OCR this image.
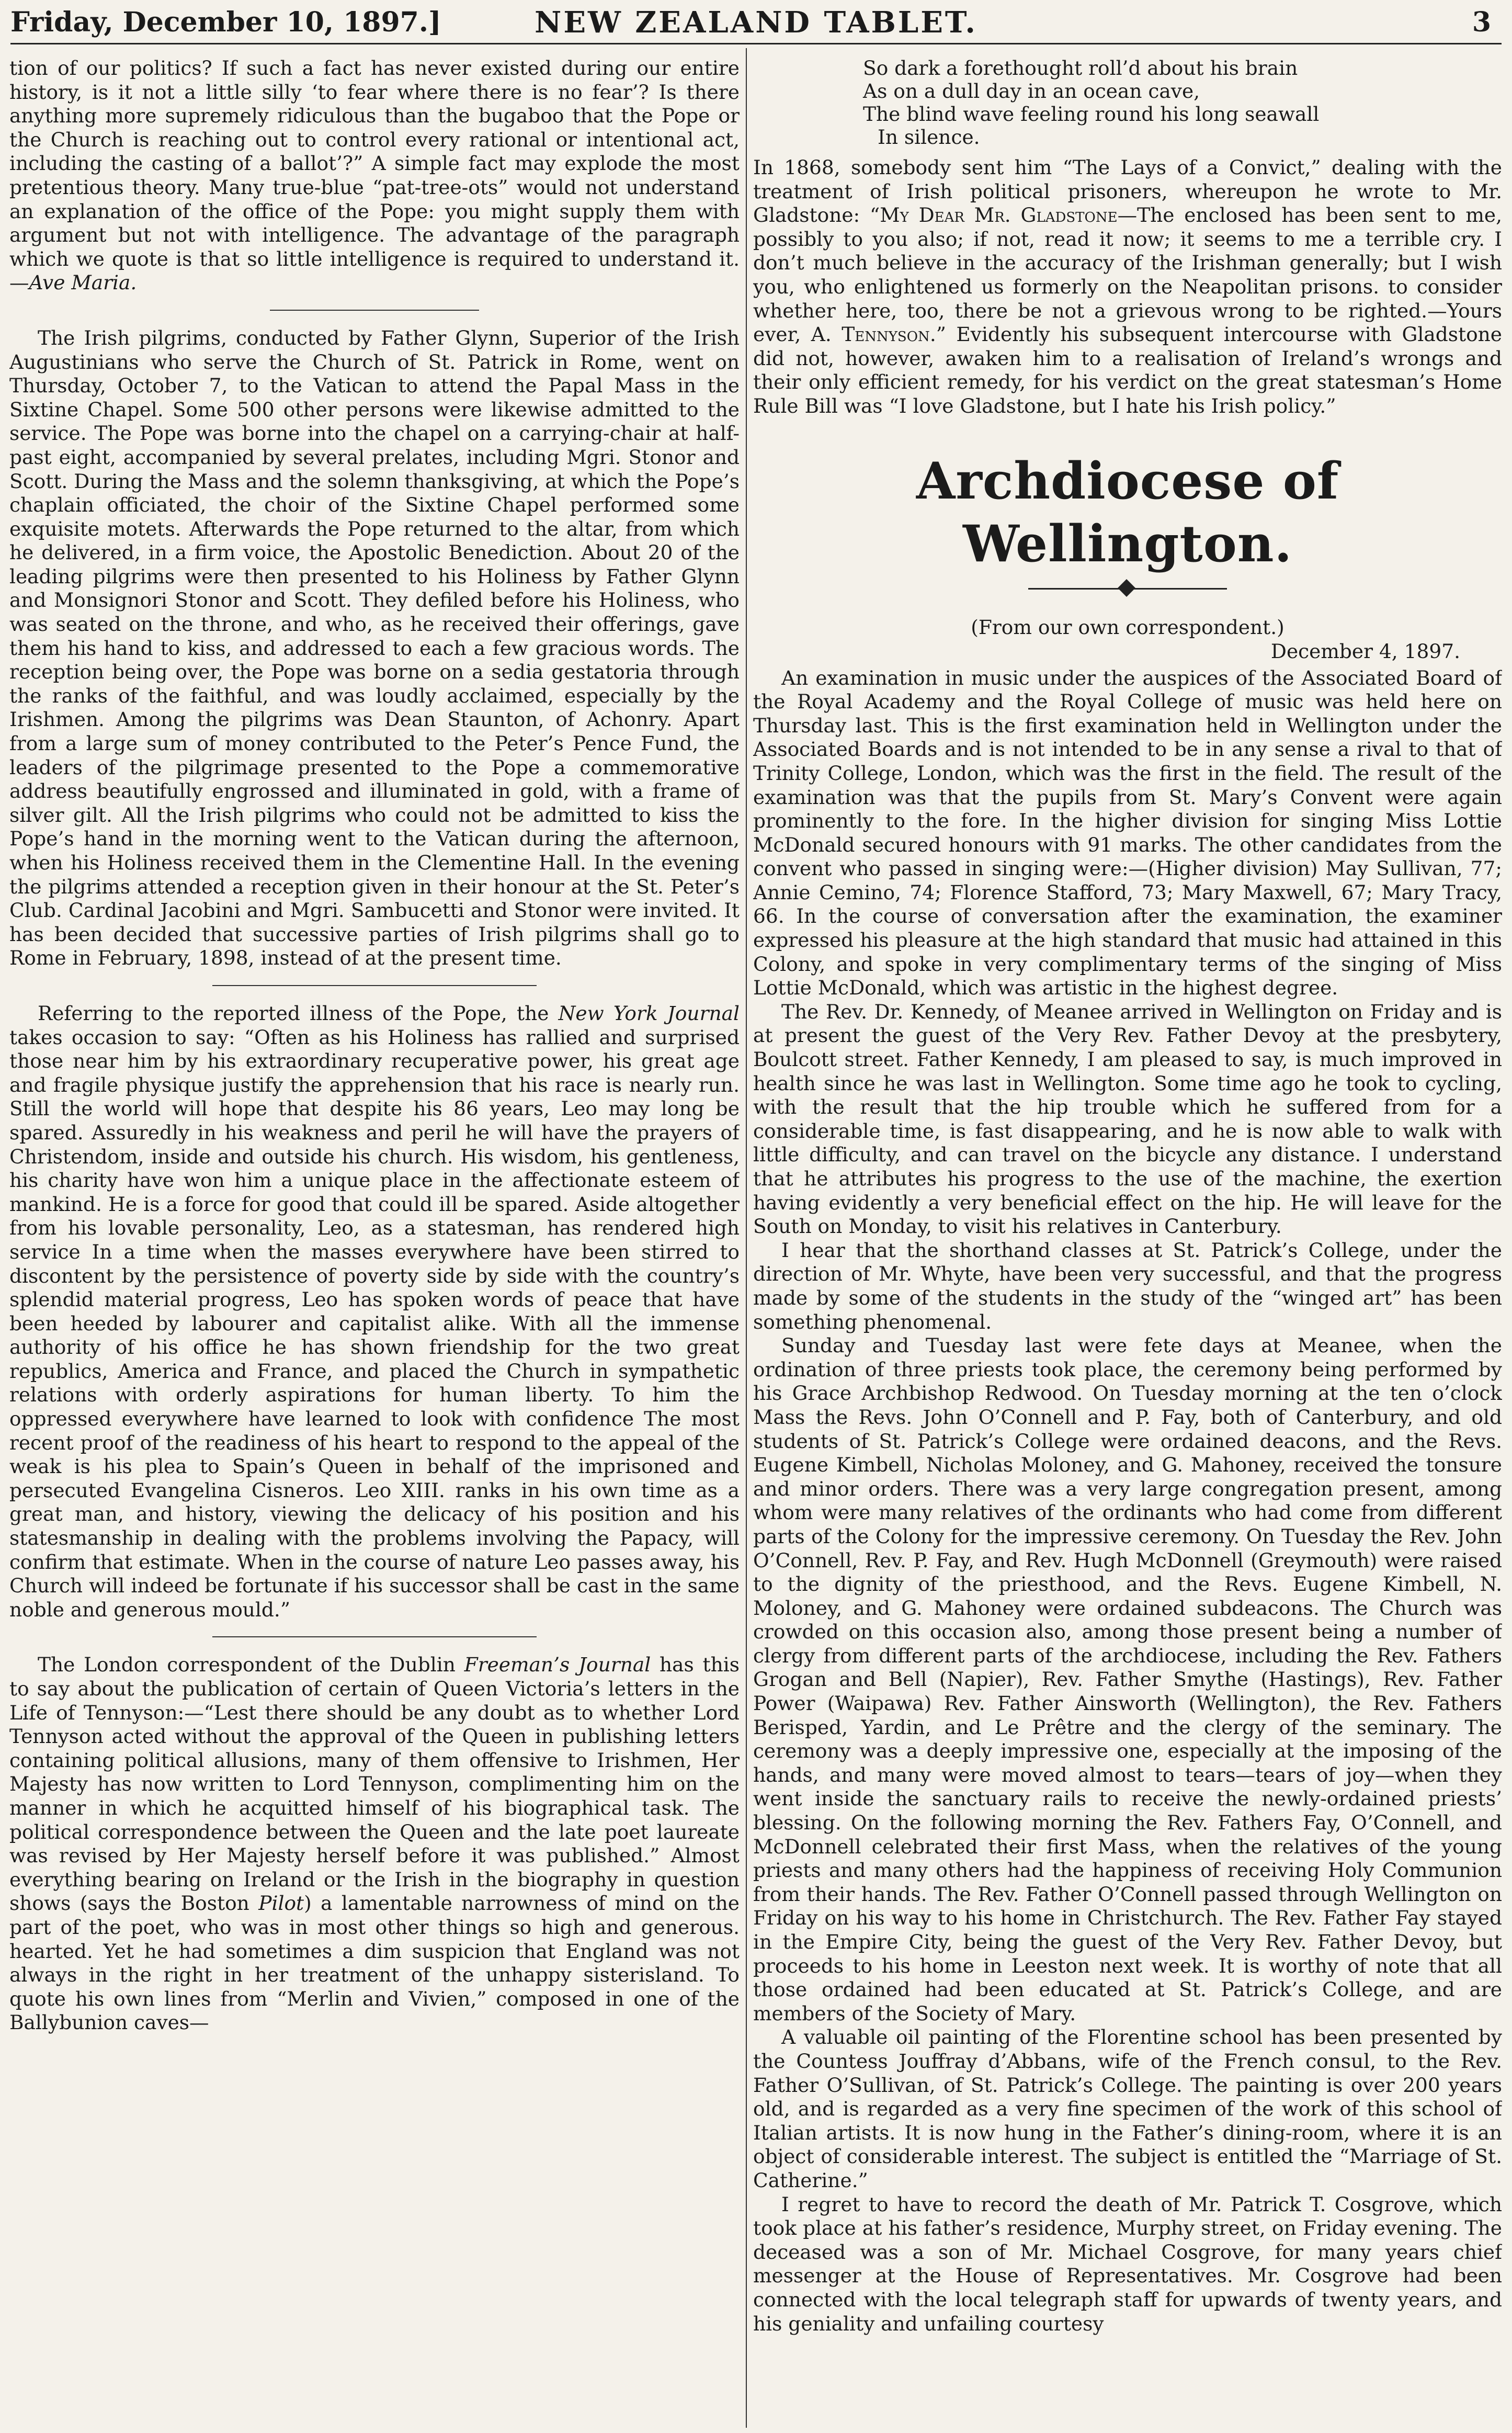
Friday, December 10, 1897.]	NEW ZEALAND TABLET.	3

tion of our politics? If such a fact has never existed during our entire history, is it not a little silly ‘to fear where there is no fear’? Is there anything more supremely ridiculous than the bugaboo that the Pope or the Church is reaching out to control every rational or intentional act, including the casting of a ballot’?” A simple fact may explode the most pretentious theory. Many true-blue “pat-tree-ots” would not understand an explanation of the office of the Pope: you might supply them with argument but not with intelligence. The advantage of the paragraph which we quote is that so little intelligence is required to understand it.—Ave Maria.

The Irish pilgrims, conducted by Father Glynn, Superior of the Irish Augustinians who serve the Church of St. Patrick in Rome, went on Thursday, October 7, to the Vatican to attend the Papal Mass in the Sixtine Chapel. Some 500 other persons were likewise admitted to the service. The Pope was borne into the chapel on a carrying-chair at half-past eight, accompanied by several prelates, including Mgri. Stonor and Scott. During the Mass and the solemn thanksgiving, at which the Pope’s chaplain officiated, the choir of the Sixtine Chapel performed some exquisite motets. Afterwards the Pope returned to the altar, from which he delivered, in a firm voice, the Apostolic Benediction. About 20 of the leading pilgrims were then presented to his Holiness by Father Glynn and Monsignori Stonor and Scott. They defiled before his Holiness, who was seated on the throne, and who, as he received their offerings, gave them his hand to kiss, and addressed to each a few gracious words. The reception being over, the Pope was borne on a sedia gestatoria through the ranks of the faithful, and was loudly acclaimed, especially by the Irishmen. Among the pilgrims was Dean Staunton, of Achonry. Apart from a large sum of money contributed to the Peter’s Pence Fund, the leaders of the pilgrimage presented to the Pope a commemorative address beautifully engrossed and illuminated in gold, with a frame of silver gilt. All the Irish pilgrims who could not be admitted to kiss the Pope’s hand in the morning went to the Vatican during the afternoon, when his Holiness received them in the Clementine Hall. In the evening the pilgrims attended a reception given in their honour at the St. Peter’s Club. Cardinal Jacobini and Mgri. Sambucetti and Stonor were invited. It has been decided that successive parties of Irish pilgrims shall go to Rome in February, 1898, instead of at the present time.

Referring to the reported illness of the Pope, the New York Journal takes occasion to say: “Often as his Holiness has rallied and surprised those near him by his extraordinary recuperative power, his great age and fragile physique justify the apprehension that his race is nearly run. Still the world will hope that despite his 86 years, Leo may long be spared. Assuredly in his weakness and peril he will have the prayers of Christendom, inside and outside his church. His wisdom, his gentleness, his charity have won him a unique place in the affectionate esteem of mankind. He is a force for good that could ill be spared. Aside altogether from his lovable personality, Leo, as a statesman, has rendered high service In a time when the masses everywhere have been stirred to discontent by the persistence of poverty side by side with the country’s splendid material progress, Leo has spoken words of peace that have been heeded by labourer and capitalist alike. With all the immense authority of his office he has shown friendship for the two great republics, America and France, and placed the Church in sympathetic relations with orderly aspirations for human liberty. To him the oppressed everywhere have learned to look with confidence The most recent proof of the readiness of his heart to respond to the appeal of the weak is his plea to Spain’s Queen in behalf of the imprisoned and persecuted Evangelina Cisneros. Leo XIII. ranks in his own time as a great man, and history, viewing the delicacy of his position and his statesmanship in dealing with the problems involving the Papacy, will confirm that estimate. When in the course of nature Leo passes away, his Church will indeed be fortunate if his successor shall be cast in the same noble and generous mould.”

The London correspondent of the Dublin Freeman’s Journal has this to say about the publication of certain of Queen Victoria’s letters in the Life of Tennyson:—“Lest there should be any doubt as to whether Lord Tennyson acted without the approval of the Queen in publishing letters containing political allusions, many of them offensive to Irishmen, Her Majesty has now written to Lord Tennyson, complimenting him on the manner in which he acquitted himself of his biographical task. The political correspondence between the Queen and the late poet laureate was revised by Her Majesty herself before it was published.” Almost everything bearing on Ireland or the Irish in the biography in question shows (says the Boston Pilot) a lamentable narrowness of mind on the part of the poet, who was in most other things so high and generous. hearted. Yet he had sometimes a dim suspicion that England was not always in the right in her treatment of the unhappy sisterisland. To quote his own lines from “Merlin and Vivien,” composed in one of the Ballybunion caves—

So dark a forethought roll’d about his brain
As on a dull day in an ocean cave,
The blind wave feeling round his long seawall
In silence.

In 1868, somebody sent him “The Lays of a Convict,” dealing with the treatment of Irish political prisoners, whereupon he wrote to Mr. Gladstone: “My Dear Mr. Gladstone—The enclosed has been sent to me, possibly to you also; if not, read it now; it seems to me a terrible cry. I don’t much believe in the accuracy of the Irishman generally; but I wish you, who enlightened us formerly on the Neapolitan prisons. to consider whether here, too, there be not a grievous wrong to be righted.—Yours ever, A. Tennyson.” Evidently his subsequent intercourse with Gladstone did not, however, awaken him to a realisation of Ireland’s wrongs and their only efficient remedy, for his verdict on the great statesman’s Home Rule Bill was “I love Gladstone, but I hate his Irish policy.”

Archdiocese of Wellington.
(From our own correspondent.)
December 4, 1897.

An examination in music under the auspices of the Associated Board of the Royal Academy and the Royal College of music was held here on Thursday last. This is the first examination held in Wellington under the Associated Boards and is not intended to be in any sense a rival to that of Trinity College, London, which was the first in the field. The result of the examination was that the pupils from St. Mary’s Convent were again prominently to the fore. In the higher division for singing Miss Lottie McDonald secured honours with 91 marks. The other candidates from the convent who passed in singing were:—(Higher division) May Sullivan, 77; Annie Cemino, 74; Florence Stafford, 73; Mary Maxwell, 67; Mary Tracy, 66. In the course of conversation after the examination, the examiner expressed his pleasure at the high standard that music had attained in this Colony, and spoke in very complimentary terms of the singing of Miss Lottie McDonald, which was artistic in the highest degree.

The Rev. Dr. Kennedy, of Meanee arrived in Wellington on Friday and is at present the guest of the Very Rev. Father Devoy at the presbytery, Boulcott street. Father Kennedy, I am pleased to say, is much improved in health since he was last in Wellington. Some time ago he took to cycling, with the result that the hip trouble which he suffered from for a considerable time, is fast disappearing, and he is now able to walk with little difficulty, and can travel on the bicycle any distance. I understand that he attributes his progress to the use of the machine, the exertion having evidently a very beneficial effect on the hip. He will leave for the South on Monday, to visit his relatives in Canterbury.

I hear that the shorthand classes at St. Patrick’s College, under the direction of Mr. Whyte, have been very successful, and that the progress made by some of the students in the study of the “winged art” has been something phenomenal.

Sunday and Tuesday last were fete days at Meanee, when the ordination of three priests took place, the ceremony being performed by his Grace Archbishop Redwood. On Tuesday morning at the ten o’clock Mass the Revs. John O’Connell and P. Fay, both of Canterbury, and old students of St. Patrick’s College were ordained deacons, and the Revs. Eugene Kimbell, Nicholas Moloney, and G. Mahoney, received the tonsure and minor orders. There was a very large congregation present, among whom were many relatives of the ordinants who had come from different parts of the Colony for the impressive ceremony. On Tuesday the Rev. John O’Connell, Rev. P. Fay, and Rev. Hugh McDonnell (Greymouth) were raised to the dignity of the priesthood, and the Revs. Eugene Kimbell, N. Moloney, and G. Mahoney were ordained subdeacons. The Church was crowded on this occasion also, among those present being a number of clergy from different parts of the archdiocese, including the Rev. Fathers Grogan and Bell (Napier), Rev. Father Smythe (Hastings), Rev. Father Power (Waipawa) Rev. Father Ainsworth (Wellington), the Rev. Fathers Berisped, Yardin, and Le Prêtre and the clergy of the seminary. The ceremony was a deeply impressive one, especially at the imposing of the hands, and many were moved almost to tears—tears of joy—when they went inside the sanctuary rails to receive the newly-ordained priests’ blessing. On the following morning the Rev. Fathers Fay, O’Connell, and McDonnell celebrated their first Mass, when the relatives of the young priests and many others had the happiness of receiving Holy Communion from their hands. The Rev. Father O’Connell passed through Wellington on Friday on his way to his home in Christchurch. The Rev. Father Fay stayed in the Empire City, being the guest of the Very Rev. Father Devoy, but proceeds to his home in Leeston next week. It is worthy of note that all those ordained had been educated at St. Patrick’s College, and are members of the Society of Mary.

A valuable oil painting of the Florentine school has been presented by the Countess Jouffray d’Abbans, wife of the French consul, to the Rev. Father O’Sullivan, of St. Patrick’s College. The painting is over 200 years old, and is regarded as a very fine specimen of the work of this school of Italian artists. It is now hung in the Father’s dining-room, where it is an object of considerable interest. The subject is entitled the “Marriage of St. Catherine.”

I regret to have to record the death of Mr. Patrick T. Cosgrove, which took place at his father’s residence, Murphy street, on Friday evening. The deceased was a son of Mr. Michael Cosgrove, for many years chief messenger at the House of Representatives. Mr. Cosgrove had been connected with the local telegraph staff for upwards of twenty years, and his geniality and unfailing courtesy
